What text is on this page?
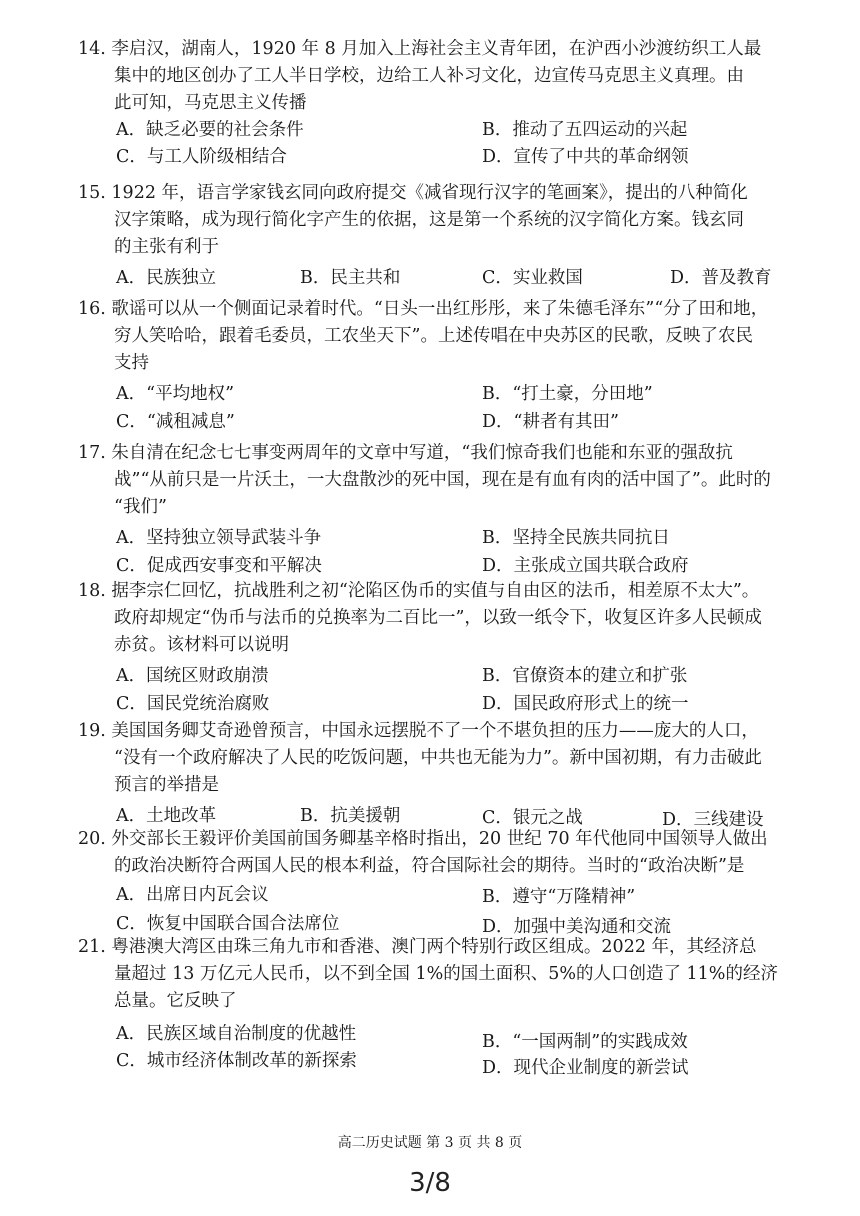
14. 李启汉，湖南人，1920 年 8 月加入上海社会主义青年团，在沪西小沙渡纺织工人最
集中的地区创办了工人半日学校，边给工人补习文化，边宣传马克思主义真理。由
此可知，马克思主义传播
A．缺乏必要的社会条件	B．推动了五四运动的兴起
C．与工人阶级相结合	D．宣传了中共的革命纲领
15. 1922 年，语言学家钱玄同向政府提交《减省现行汉字的笔画案》，提出的八种简化
汉字策略，成为现行简化字产生的依据，这是第一个系统的汉字简化方案。钱玄同
的主张有利于
A．民族独立	B．民主共和	C．实业救国	D．普及教育
16. 歌谣可以从一个侧面记录着时代。“日头一出红彤彤，来了朱德毛泽东”“分了田和地，
穷人笑哈哈，跟着毛委员，工农坐天下”。上述传唱在中央苏区的民歌，反映了农民
支持
A．“平均地权”	B．“打土豪，分田地”
C．“减租减息”	D．“耕者有其田”
17. 朱自清在纪念七七事变两周年的文章中写道，“我们惊奇我们也能和东亚的强敌抗
战”“从前只是一片沃土，一大盘散沙的死中国，现在是有血有肉的活中国了”。此时的
“我们”
A．坚持独立领导武装斗争	B．坚持全民族共同抗日
C．促成西安事变和平解决	D．主张成立国共联合政府
18. 据李宗仁回忆，抗战胜利之初“沦陷区伪币的实值与自由区的法币，相差原不太大”。
政府却规定“伪币与法币的兑换率为二百比一”，以致一纸令下，收复区许多人民顿成
赤贫。该材料可以说明
A．国统区财政崩溃	B．官僚资本的建立和扩张
C．国民党统治腐败	D．国民政府形式上的统一
19. 美国国务卿艾奇逊曾预言，中国永远摆脱不了一个不堪负担的压力——庞大的人口，
“没有一个政府解决了人民的吃饭问题，中共也无能为力”。新中国初期，有力击破此
预言的举措是
A．土地改革	B．抗美援朝	C．银元之战	D．三线建设
20. 外交部长王毅评价美国前国务卿基辛格时指出，20 世纪 70 年代他同中国领导人做出
的政治决断符合两国人民的根本利益，符合国际社会的期待。当时的“政治决断”是
A．出席日内瓦会议	B．遵守“万隆精神”
C．恢复中国联合国合法席位	D．加强中美沟通和交流
21. 粤港澳大湾区由珠三角九市和香港、澳门两个特别行政区组成。2022 年，其经济总
量超过 13 万亿元人民币，以不到全国 1%的国土面积、5%的人口创造了 11%的经济
总量。它反映了
A．民族区域自治制度的优越性	B．“一国两制”的实践成效
C．城市经济体制改革的新探索	D．现代企业制度的新尝试
高二历史试题 第 3 页 共 8 页
3/8
